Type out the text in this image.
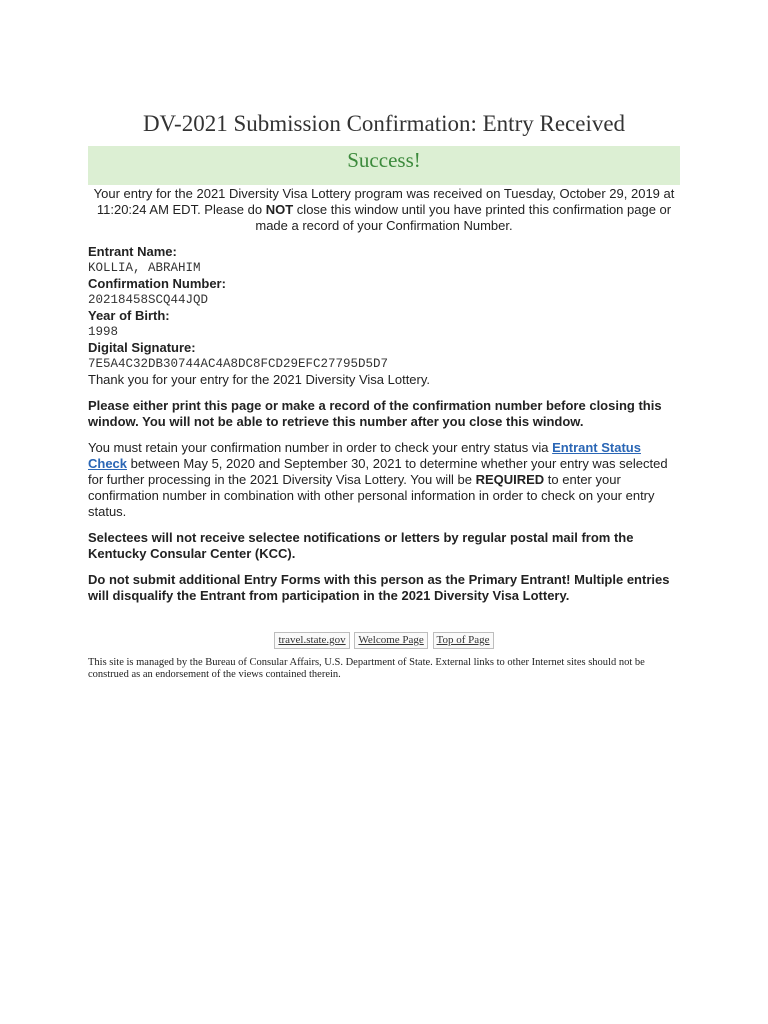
DV-2021 Submission Confirmation: Entry Received
Success!
Your entry for the 2021 Diversity Visa Lottery program was received on Tuesday, October 29, 2019 at 11:20:24 AM EDT. Please do NOT close this window until you have printed this confirmation page or made a record of your Confirmation Number.
Entrant Name:
KOLLIA, ABRAHIM
Confirmation Number:
20218458SCQ44JQD
Year of Birth:
1998
Digital Signature:
7E5A4C32DB30744AC4A8DC8FCD29EFC27795D5D7
Thank you for your entry for the 2021 Diversity Visa Lottery.

Please either print this page or make a record of the confirmation number before closing this window. You will not be able to retrieve this number after you close this window.

You must retain your confirmation number in order to check your entry status via Entrant Status Check between May 5, 2020 and September 30, 2021 to determine whether your entry was selected for further processing in the 2021 Diversity Visa Lottery. You will be REQUIRED to enter your confirmation number in combination with other personal information in order to check on your entry status.

Selectees will not receive selectee notifications or letters by regular postal mail from the Kentucky Consular Center (KCC).

Do not submit additional Entry Forms with this person as the Primary Entrant! Multiple entries will disqualify the Entrant from participation in the 2021 Diversity Visa Lottery.

travel.state.gov Welcome Page Top of Page
This site is managed by the Bureau of Consular Affairs, U.S. Department of State. External links to other Internet sites should not be construed as an endorsement of the views contained therein.
